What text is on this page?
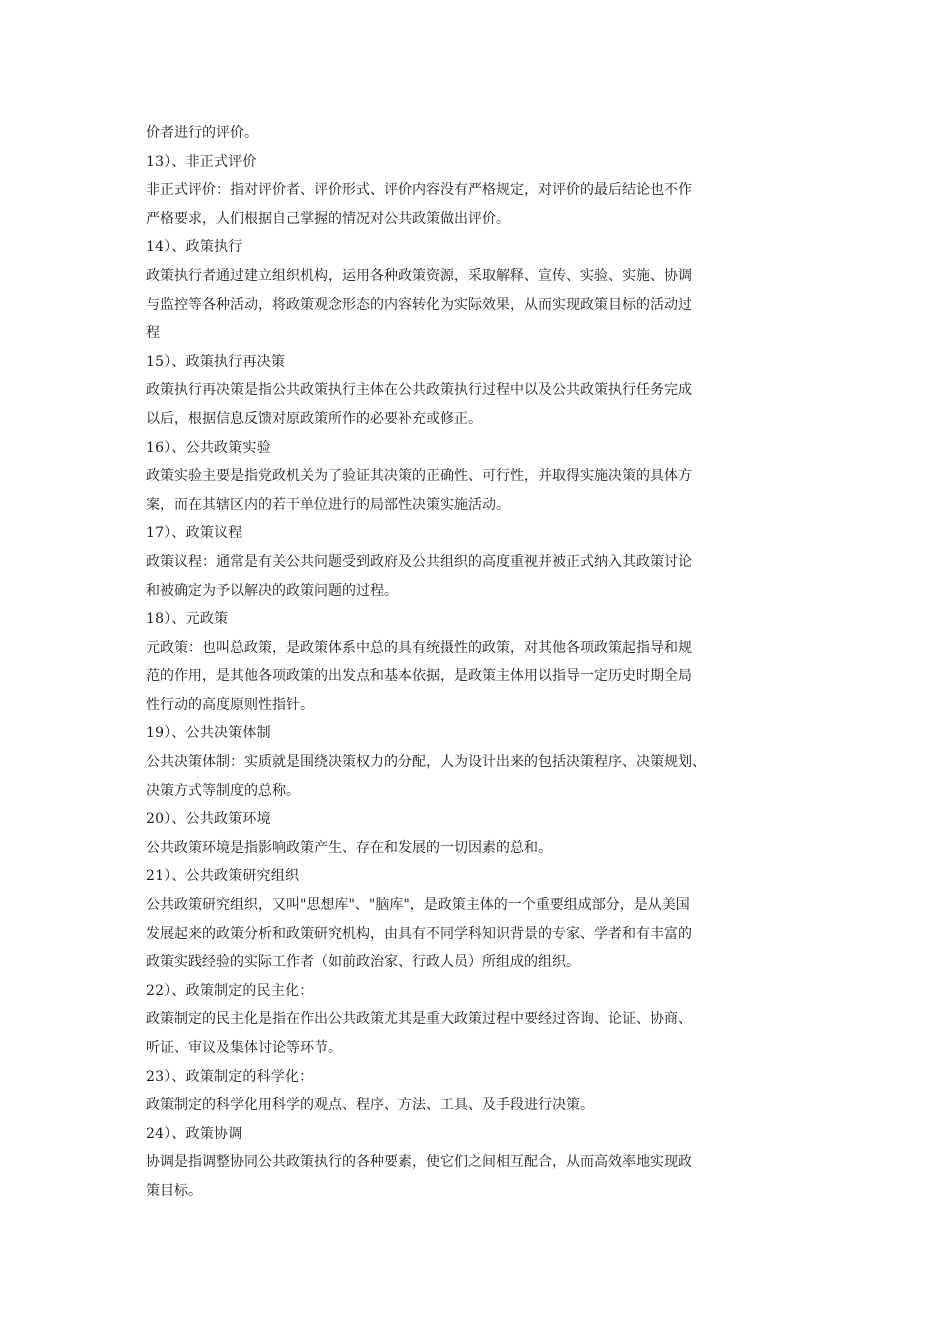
价者进行的评价。
13）、非正式评价
非正式评价：指对评价者、评价形式、评价内容没有严格规定，对评价的最后结论也不作
严格要求，人们根据自己掌握的情况对公共政策做出评价。
14）、政策执行
政策执行者通过建立组织机构，运用各种政策资源，采取解释、宣传、实验、实施、协调
与监控等各种活动，将政策观念形态的内容转化为实际效果，从而实现政策目标的活动过
程
15）、政策执行再决策
政策执行再决策是指公共政策执行主体在公共政策执行过程中以及公共政策执行任务完成
以后，根据信息反馈对原政策所作的必要补充或修正。
16）、公共政策实验
政策实验主要是指党政机关为了验证其决策的正确性、可行性，并取得实施决策的具体方
案，而在其辖区内的若干单位进行的局部性决策实施活动。
17）、政策议程
政策议程：通常是有关公共问题受到政府及公共组织的高度重视并被正式纳入其政策讨论
和被确定为予以解决的政策问题的过程。
18）、元政策
元政策：也叫总政策，是政策体系中总的具有统摄性的政策，对其他各项政策起指导和规
范的作用，是其他各项政策的出发点和基本依据，是政策主体用以指导一定历史时期全局
性行动的高度原则性指针。
19）、公共决策体制
公共决策体制：实质就是围绕决策权力的分配，人为设计出来的包括决策程序、决策规划、
决策方式等制度的总称。
20）、公共政策环境
公共政策环境是指影响政策产生、存在和发展的一切因素的总和。
21）、公共政策研究组织
公共政策研究组织，又叫"思想库"、"脑库"，是政策主体的一个重要组成部分，是从美国
发展起来的政策分析和政策研究机构，由具有不同学科知识背景的专家、学者和有丰富的
政策实践经验的实际工作者（如前政治家、行政人员）所组成的组织。
22）、政策制定的民主化：
政策制定的民主化是指在作出公共政策尤其是重大政策过程中要经过咨询、论证、协商、
听证、审议及集体讨论等环节。
23）、政策制定的科学化：
政策制定的科学化用科学的观点、程序、方法、工具、及手段进行决策。
24）、政策协调
协调是指调整协同公共政策执行的各种要素，使它们之间相互配合，从而高效率地实现政
策目标。
